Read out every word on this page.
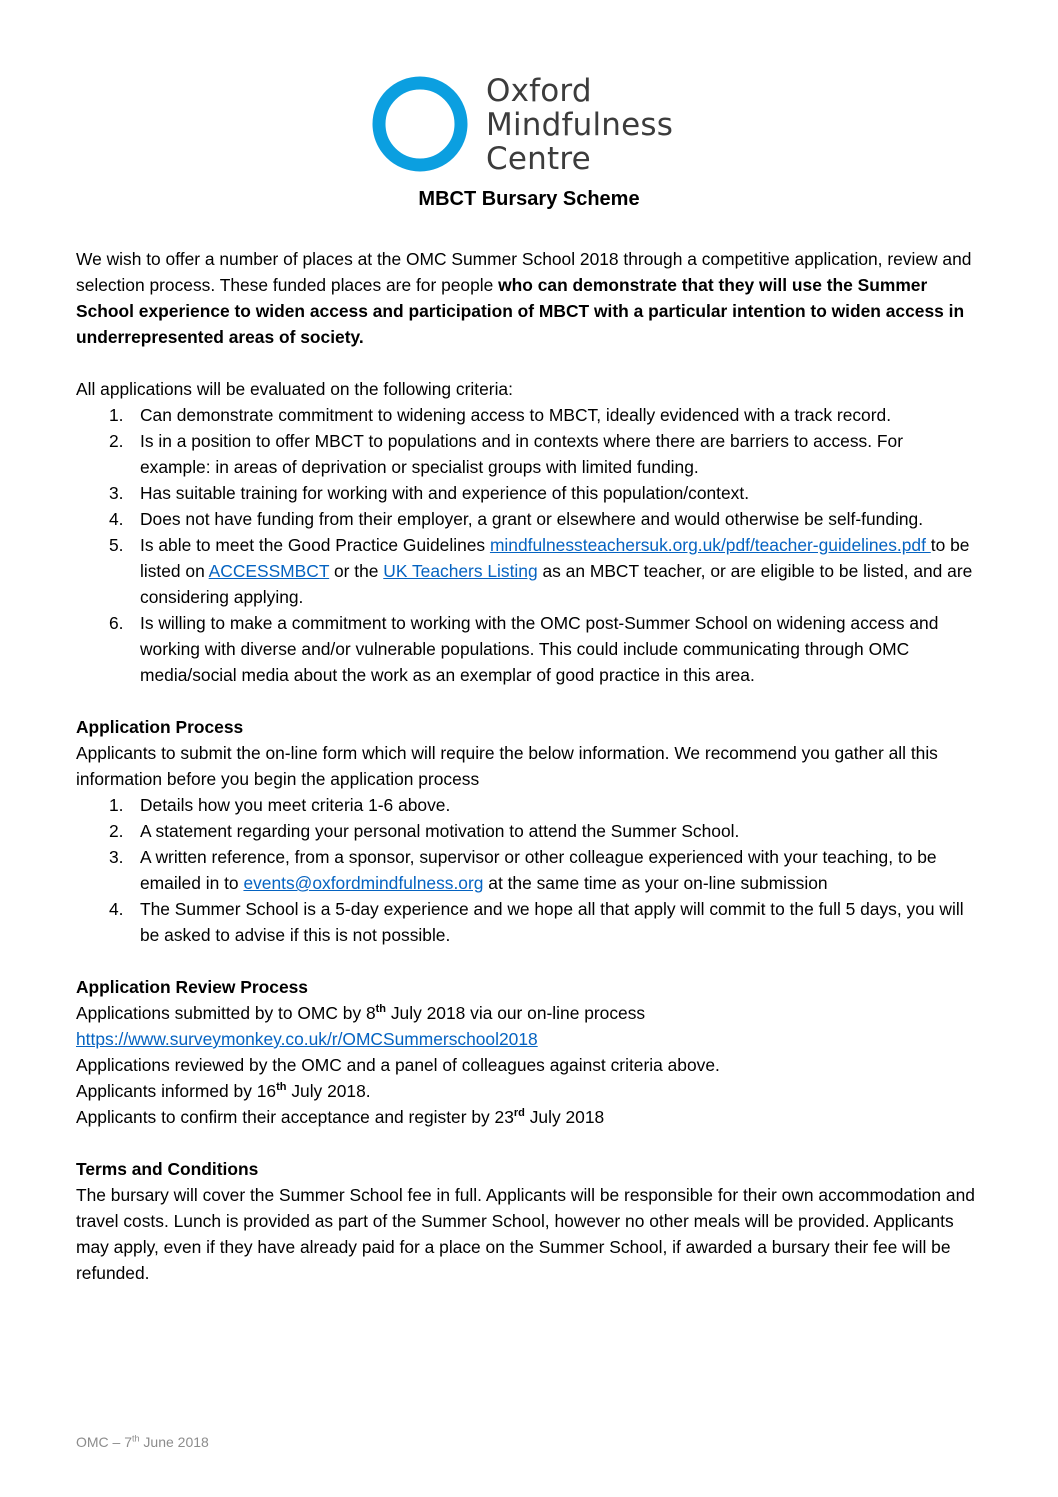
Oxford
Mindfulness
Centre
MBCT Bursary Scheme

We wish to offer a number of places at the OMC Summer School 2018 through a competitive application, review and selection process. These funded places are for people who can demonstrate that they will use the Summer School experience to widen access and participation of MBCT with a particular intention to widen access in underrepresented areas of society.

All applications will be evaluated on the following criteria:

1. Can demonstrate commitment to widening access to MBCT, ideally evidenced with a track record.
2. Is in a position to offer MBCT to populations and in contexts where there are barriers to access. For example: in areas of deprivation or specialist groups with limited funding.
3. Has suitable training for working with and experience of this population/context.
4. Does not have funding from their employer, a grant or elsewhere and would otherwise be self-funding.
5. Is able to meet the Good Practice Guidelines mindfulnessteachersuk.org.uk/pdf/teacher-guidelines.pdf to be listed on ACCESSMBCT or the UK Teachers Listing as an MBCT teacher, or are eligible to be listed, and are considering applying.
6. Is willing to make a commitment to working with the OMC post-Summer School on widening access and working with diverse and/or vulnerable populations. This could include communicating through OMC media/social media about the work as an exemplar of good practice in this area.
Application Process

Applicants to submit the on-line form which will require the below information. We recommend you gather all this information before you begin the application process

1. Details how you meet criteria 1-6 above.
2. A statement regarding your personal motivation to attend the Summer School.
3. A written reference, from a sponsor, supervisor or other colleague experienced with your teaching, to be emailed in to events@oxfordmindfulness.org at the same time as your on-line submission
4. The Summer School is a 5-day experience and we hope all that apply will commit to the full 5 days, you will be asked to advise if this is not possible.
Application Review Process

Applications submitted by to OMC by 8th July 2018 via our on-line process

https://www.surveymonkey.co.uk/r/OMCSummerschool2018

Applications reviewed by the OMC and a panel of colleagues against criteria above.

Applicants informed by 16th July 2018.

Applicants to confirm their acceptance and register by 23rd July 2018

Terms and Conditions

The bursary will cover the Summer School fee in full. Applicants will be responsible for their own accommodation and travel costs. Lunch is provided as part of the Summer School, however no other meals will be provided. Applicants may apply, even if they have already paid for a place on the Summer School, if awarded a bursary their fee will be refunded.

OMC – 7th June 2018
